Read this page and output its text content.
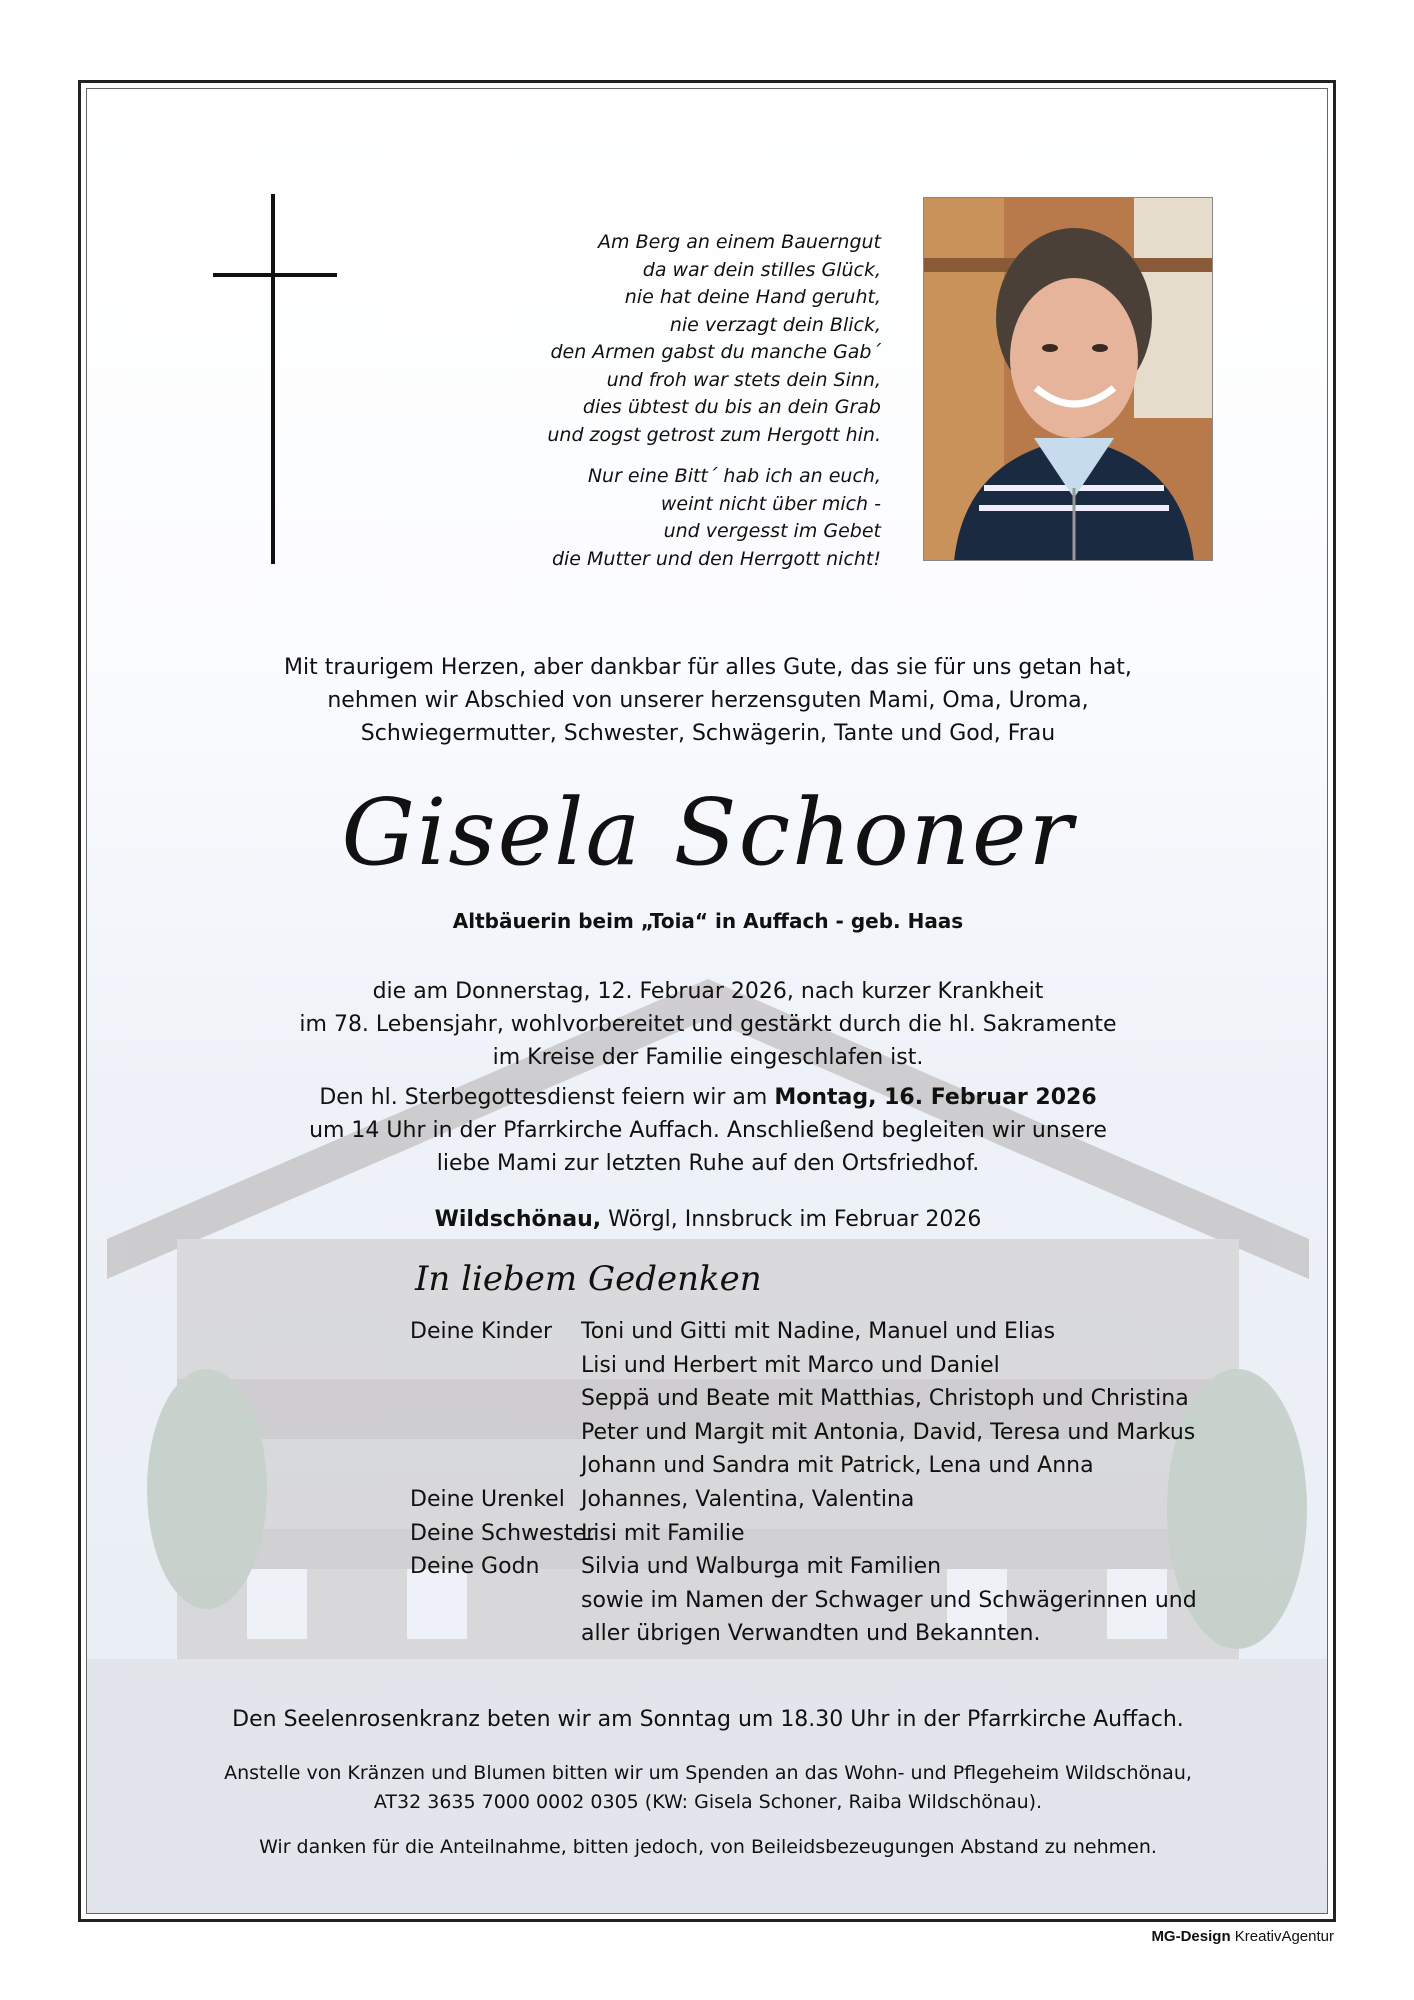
Am Berg an einem Bauerngut
da war dein stilles Glück,
nie hat deine Hand geruht,
nie verzagt dein Blick,
den Armen gabst du manche Gab´
und froh war stets dein Sinn,
dies übtest du bis an dein Grab
und zogst getrost zum Hergott hin.
Nur eine Bitt´ hab ich an euch,
weint nicht über mich -
und vergesst im Gebet
die Mutter und den Herrgott nicht!
Mit traurigem Herzen, aber dankbar für alles Gute, das sie für uns getan hat,
nehmen wir Abschied von unserer herzensguten Mami, Oma, Uroma,
Schwiegermutter, Schwester, Schwägerin, Tante und God, Frau
Gisela Schoner
Altbäuerin beim „Toia“ in Auffach - geb. Haas
die am Donnerstag, 12. Februar 2026, nach kurzer Krankheit
im 78. Lebensjahr, wohlvorbereitet und gestärkt durch die hl. Sakramente
im Kreise der Familie eingeschlafen ist.
Den hl. Sterbegottesdienst feiern wir am Montag, 16. Februar 2026
um 14 Uhr in der Pfarrkirche Auffach. Anschließend begleiten wir unsere
liebe Mami zur letzten Ruhe auf den Ortsfriedhof.
Wildschönau, Wörgl, Innsbruck im Februar 2026
In liebem Gedenken
Deine Kinder Toni und Gitti mit Nadine, Manuel und Elias
Lisi und Herbert mit Marco und Daniel
Seppä und Beate mit Matthias, Christoph und Christina
Peter und Margit mit Antonia, David, Teresa und Markus
Johann und Sandra mit Patrick, Lena und Anna
Deine Urenkel Johannes, Valentina, Valentina
Deine Schwester
Lisi mit Familie
Deine Godn Silvia und Walburga mit Familien
sowie im Namen der Schwager und Schwägerinnen und
aller übrigen Verwandten und Bekannten.
Den Seelenrosenkranz beten wir am Sonntag um 18.30 Uhr in der Pfarrkirche Auffach.
Anstelle von Kränzen und Blumen bitten wir um Spenden an das Wohn- und Pflegeheim Wildschönau,
AT32 3635 7000 0002 0305 (KW: Gisela Schoner, Raiba Wildschönau).
Wir danken für die Anteilnahme, bitten jedoch, von Beileidsbezeugungen Abstand zu nehmen.
MG-Design KreativAgentur
